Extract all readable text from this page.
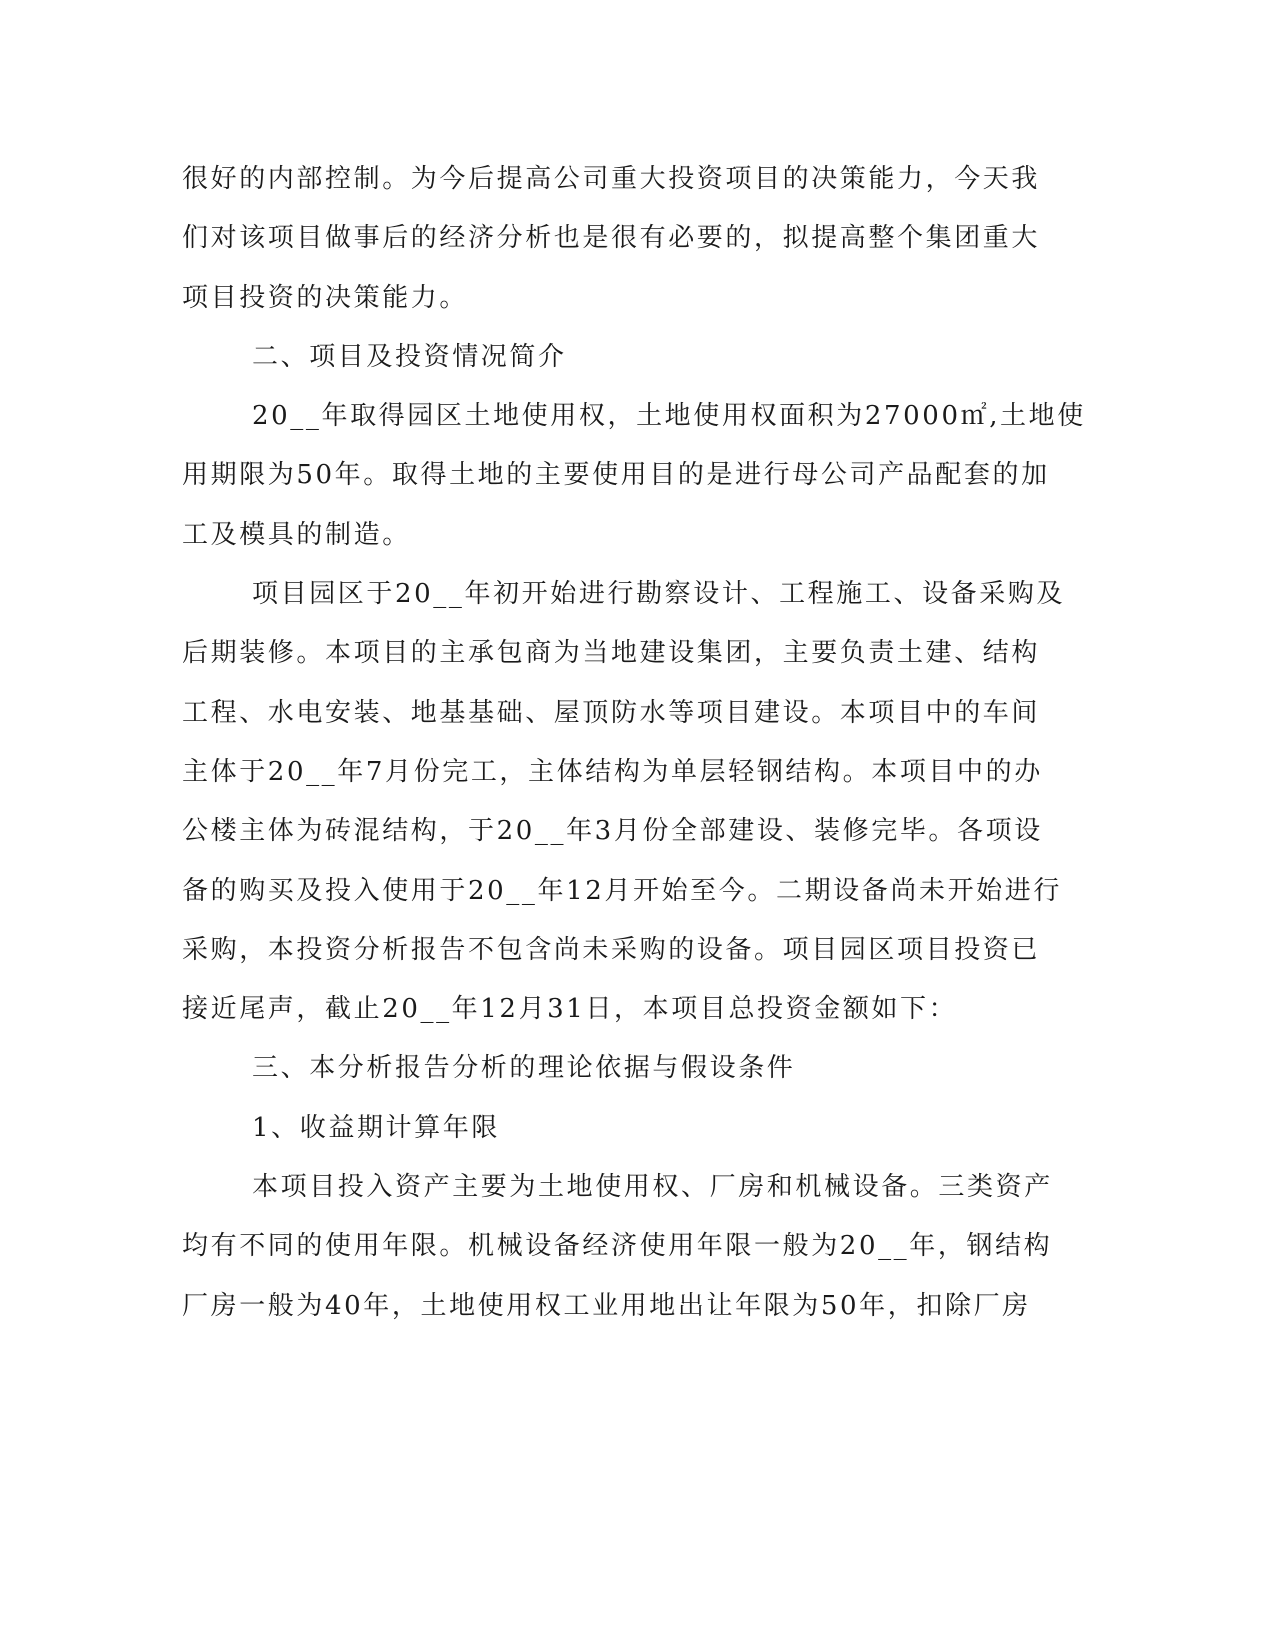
很好的内部控制。为今后提高公司重大投资项目的决策能力，今天我
们对该项目做事后的经济分析也是很有必要的，拟提高整个集团重大
项目投资的决策能力。
二、项目及投资情况简介
20__年取得园区土地使用权，土地使用权面积为27000㎡,土地使
用期限为50年。取得土地的主要使用目的是进行母公司产品配套的加
工及模具的制造。
项目园区于20__年初开始进行勘察设计、工程施工、设备采购及
后期装修。本项目的主承包商为当地建设集团，主要负责土建、结构
工程、水电安装、地基基础、屋顶防水等项目建设。本项目中的车间
主体于20__年7月份完工，主体结构为单层轻钢结构。本项目中的办
公楼主体为砖混结构，于20__年3月份全部建设、装修完毕。各项设
备的购买及投入使用于20__年12月开始至今。二期设备尚未开始进行
采购，本投资分析报告不包含尚未采购的设备。项目园区项目投资已
接近尾声，截止20__年12月31日，本项目总投资金额如下：
三、本分析报告分析的理论依据与假设条件
1、收益期计算年限
本项目投入资产主要为土地使用权、厂房和机械设备。三类资产
均有不同的使用年限。机械设备经济使用年限一般为20__年，钢结构
厂房一般为40年，土地使用权工业用地出让年限为50年，扣除厂房
